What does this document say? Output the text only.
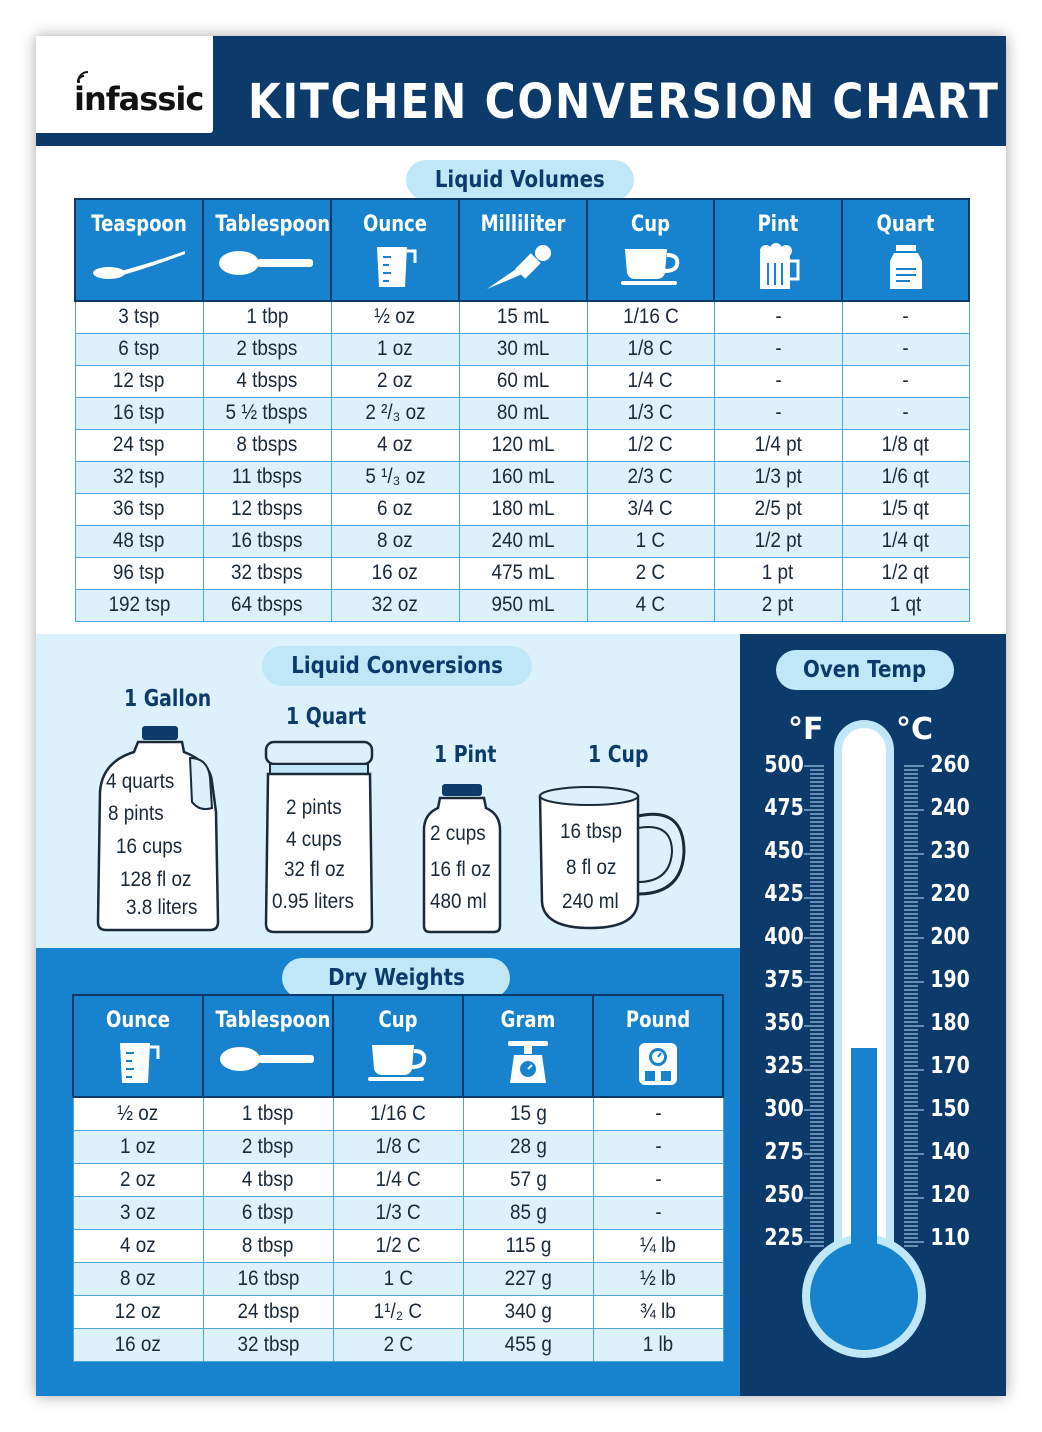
infassic KITCHEN CONVERSION CHART
Liquid Volumes
Teaspoon	Tablespoon	Ounce	Milliliter	Cup	Pint	Quart

3 tsp	1 tbp	½ oz	15 mL	1/16 C	-	-
6 tsp	2 tbsps	1 oz	30 mL	1/8 C	-	-
12 tsp	4 tbsps	2 oz	60 mL	1/4 C	-	-
16 tsp	5 ½ tbsps	2 ²/₃ oz	80 mL	1/3 C	-	-
24 tsp	8 tbsps	4 oz	120 mL	1/2 C	1/4 pt	1/8 qt
32 tsp	11 tbsps	5 ¹/₃ oz	160 mL	2/3 C	1/3 pt	1/6 qt
36 tsp	12 tbsps	6 oz	180 mL	3/4 C	2/5 pt	1/5 qt
48 tsp	16 tbsps	8 oz	240 mL	1 C	1/2 pt	1/4 qt
96 tsp	32 tbsps	16 oz	475 mL	2 C	1 pt	1/2 qt
192 tsp	64 tbsps	32 oz	950 mL	4 C	2 pt	1 qt
Liquid Conversions
1 Gallon
4 quarts
8 pints
16 cups
128 fl oz
3.8 liters
1 Quart
2 pints
4 cups
32 fl oz
0.95 liters
1 Pint
2 cups
16 fl oz
480 ml
1 Cup
16 tbsp
8 fl oz
240 ml
Dry Weights
Ounce	Tablespoon	Cup	Gram	Pound

½ oz	1 tbsp	1/16 C	15 g	-
1 oz	2 tbsp	1/8 C	28 g	-
2 oz	4 tbsp	1/4 C	57 g	-
3 oz	6 tbsp	1/3 C	85 g	-
4 oz	8 tbsp	1/2 C	115 g	¼ lb
8 oz	16 tbsp	1 C	227 g	½ lb
12 oz	24 tbsp	1¹/₂ C	340 g	¾ lb
16 oz	32 tbsp	2 C	455 g	1 lb
Oven Temp
°F °C
500	260
475	240
450	230
425	220
400	200
375	190
350	180
325	170
300	150
275	140
250	120
225	110
